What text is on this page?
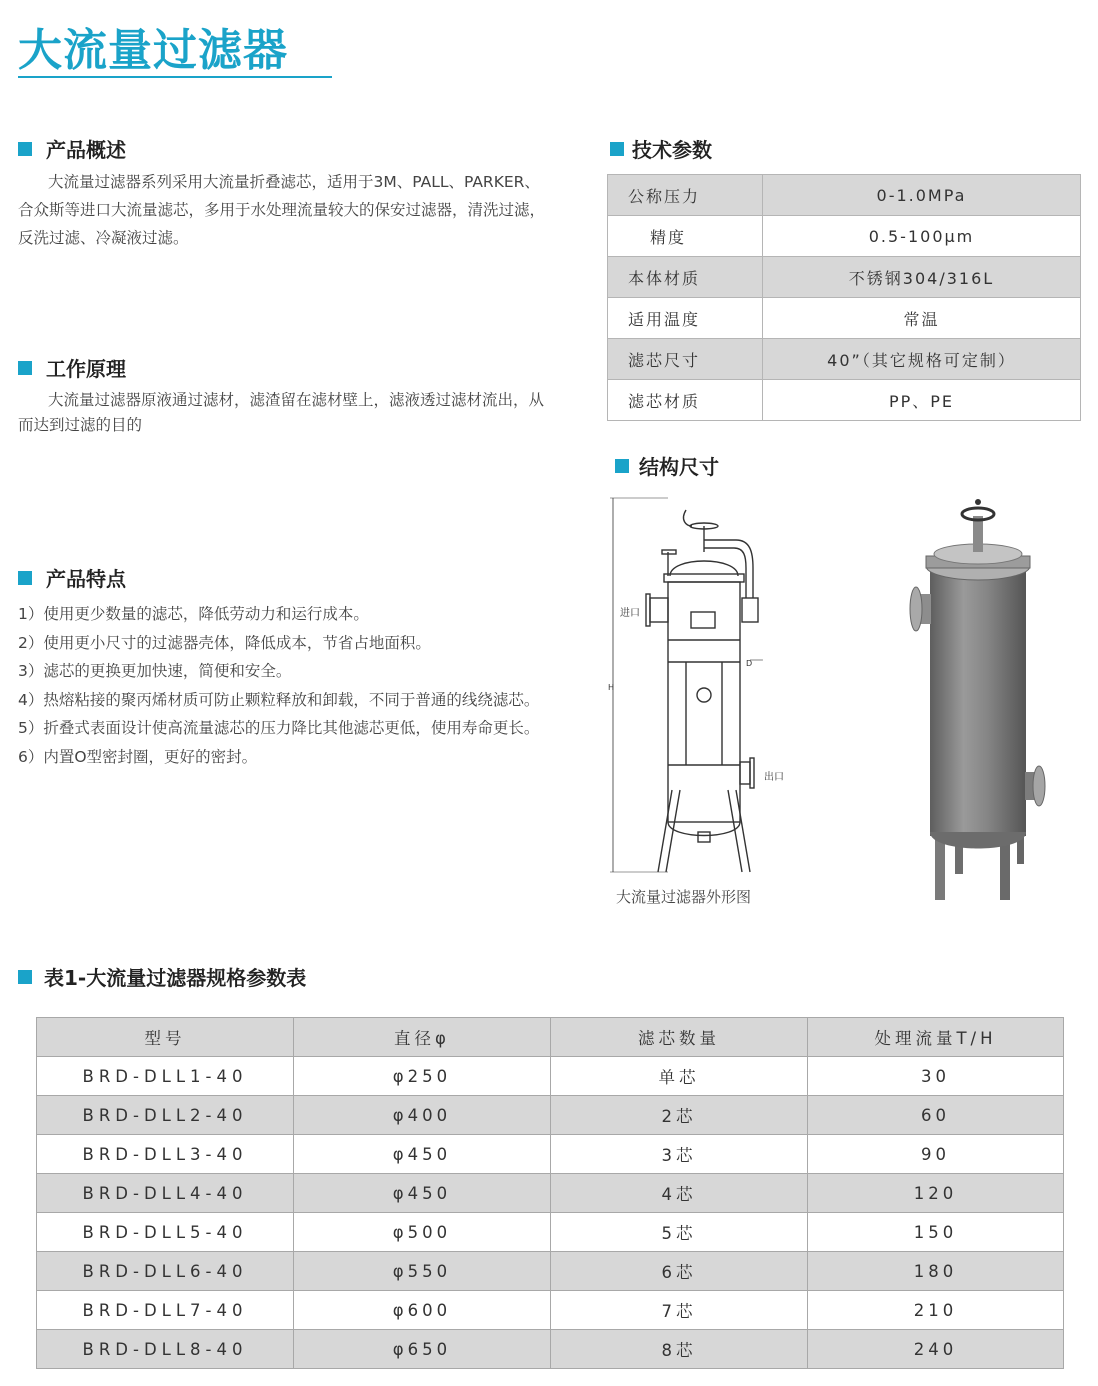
大流量过滤器
产品概述
大流量过滤器系列采用大流量折叠滤芯，适用于3M、PALL、PARKER、合众斯等进口大流量滤芯，多用于水处理流量较大的保安过滤器，清洗过滤，反洗过滤、冷凝液过滤。
工作原理
大流量过滤器原液通过滤材，滤渣留在滤材壁上，滤液透过滤材流出，从而达到过滤的目的
产品特点
1）使用更少数量的滤芯，降低劳动力和运行成本。
2）使用更小尺寸的过滤器壳体，降低成本，节省占地面积。
3）滤芯的更换更加快速，简便和安全。
4）热熔粘接的聚丙烯材质可防止颗粒释放和卸载，不同于普通的线绕滤芯。
5）折叠式表面设计使高流量滤芯的压力降比其他滤芯更低，使用寿命更长。
6）内置O型密封圈，更好的密封。
技术参数
公称压力	0-1.0MPa
精度	0.5-100μm
本体材质	不锈钢304/316L
适用温度	常温
滤芯尺寸	40”（其它规格可定制）
滤芯材质	PP、PE
结构尺寸
进口
出口
D
H
大流量过滤器外形图
表1-大流量过滤器规格参数表
型号	直径φ	滤芯数量	处理流量T/H
BRD-DLL1-40	φ250	单芯	30
BRD-DLL2-40	φ400	2芯	60
BRD-DLL3-40	φ450	3芯	90
BRD-DLL4-40	φ450	4芯	120
BRD-DLL5-40	φ500	5芯	150
BRD-DLL6-40	φ550	6芯	180
BRD-DLL7-40	φ600	7芯	210
BRD-DLL8-40	φ650	8芯	240
